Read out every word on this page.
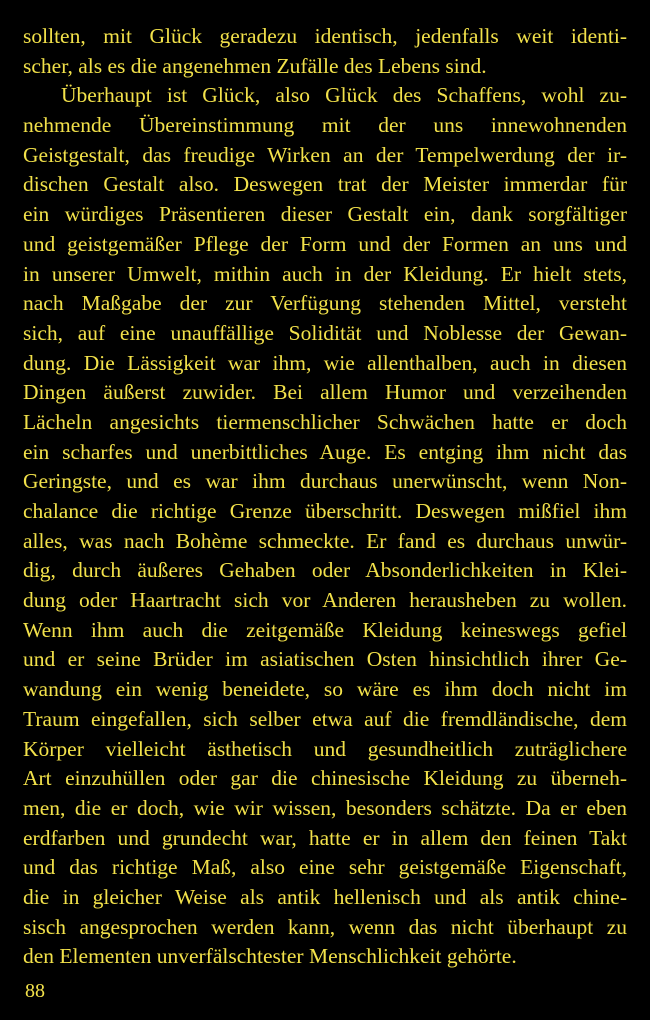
sollten, mit Glück geradezu identisch, jedenfalls weit identi-
scher, als es die angenehmen Zufälle des Lebens sind.
Überhaupt ist Glück, also Glück des Schaffens, wohl zu-
nehmende Übereinstimmung mit der uns innewohnenden
Geistgestalt, das freudige Wirken an der Tempelwerdung der ir-
dischen Gestalt also. Deswegen trat der Meister immerdar für
ein würdiges Präsentieren dieser Gestalt ein, dank sorgfältiger
und geistgemäßer Pflege der Form und der Formen an uns und
in unserer Umwelt, mithin auch in der Kleidung. Er hielt stets,
nach Maßgabe der zur Verfügung stehenden Mittel, versteht
sich, auf eine unauffällige Solidität und Noblesse der Gewan-
dung. Die Lässigkeit war ihm, wie allenthalben, auch in diesen
Dingen äußerst zuwider. Bei allem Humor und verzeihenden
Lächeln angesichts tiermenschlicher Schwächen hatte er doch
ein scharfes und unerbittliches Auge. Es entging ihm nicht das
Geringste, und es war ihm durchaus unerwünscht, wenn Non-
chalance die richtige Grenze überschritt. Deswegen mißfiel ihm
alles, was nach Bohème schmeckte. Er fand es durchaus unwür-
dig, durch äußeres Gehaben oder Absonderlichkeiten in Klei-
dung oder Haartracht sich vor Anderen herausheben zu wollen.
Wenn ihm auch die zeitgemäße Kleidung keineswegs gefiel
und er seine Brüder im asiatischen Osten hinsichtlich ihrer Ge-
wandung ein wenig beneidete, so wäre es ihm doch nicht im
Traum eingefallen, sich selber etwa auf die fremdländische, dem
Körper vielleicht ästhetisch und gesundheitlich zuträglichere
Art einzuhüllen oder gar die chinesische Kleidung zu überneh-
men, die er doch, wie wir wissen, besonders schätzte. Da er eben
erdfarben und grundecht war, hatte er in allem den feinen Takt
und das richtige Maß, also eine sehr geistgemäße Eigenschaft,
die in gleicher Weise als antik hellenisch und als antik chine-
sisch angesprochen werden kann, wenn das nicht überhaupt zu
den Elementen unverfälschtester Menschlichkeit gehörte.
88
